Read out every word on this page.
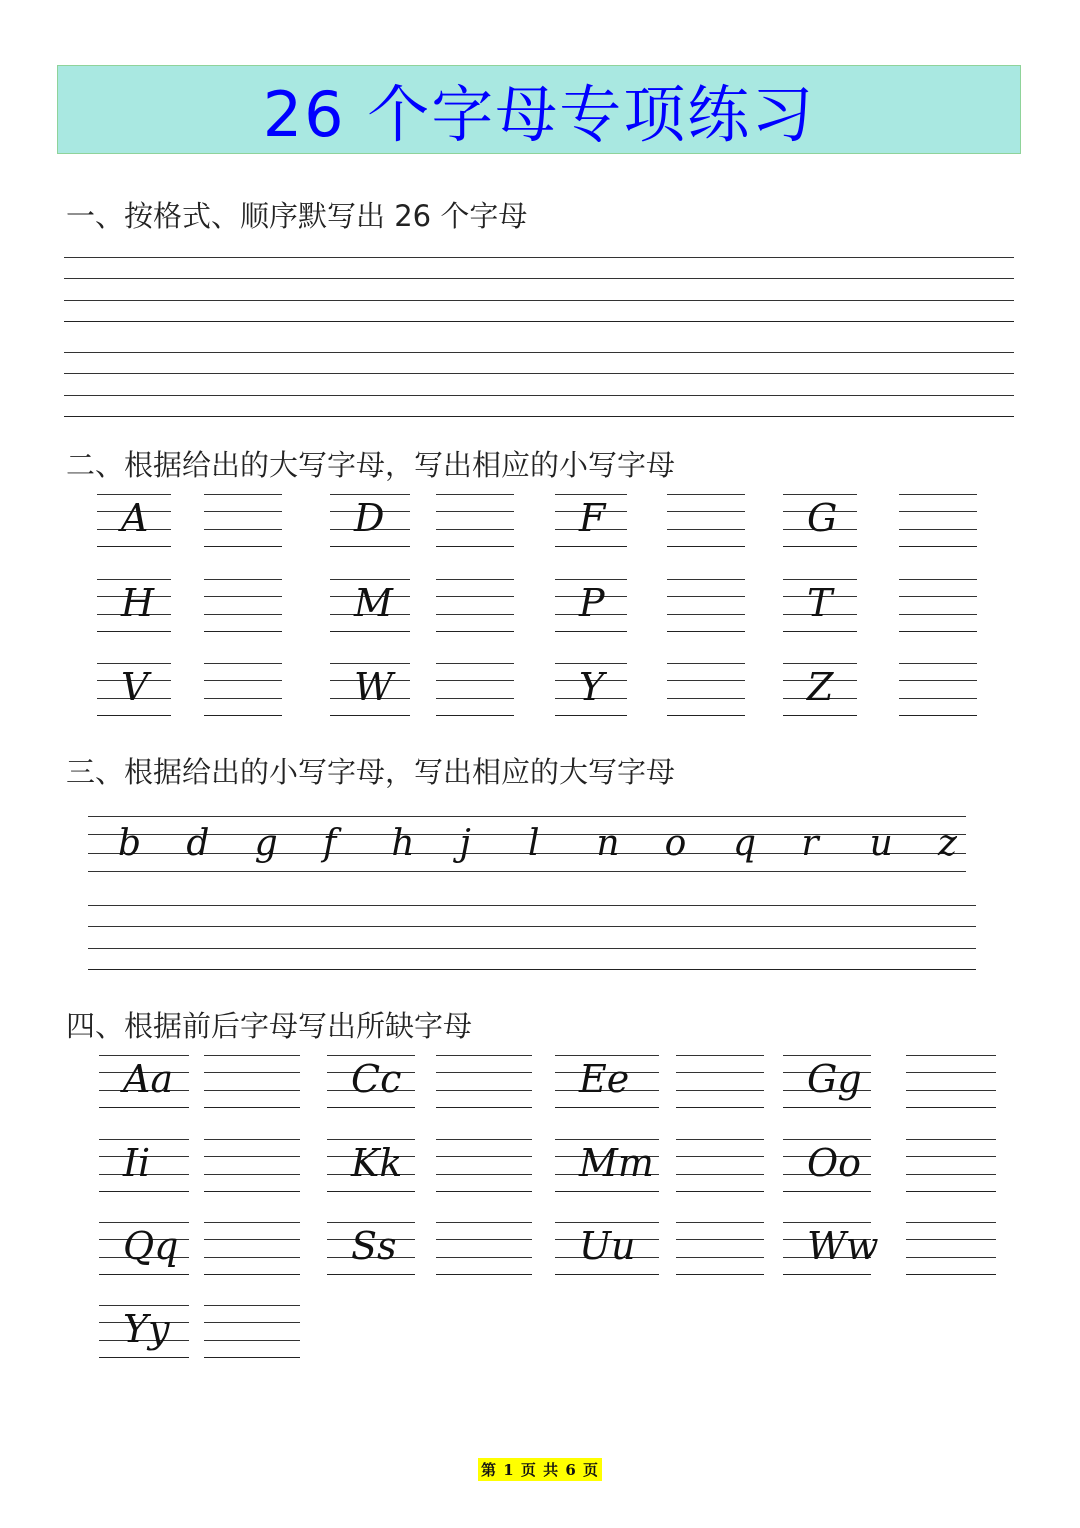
26 个字母专项练习
一、按格式、顺序默写出 26 个字母
二、根据给出的大写字母，写出相应的小写字母
A	D	F	G
H	M	P	T
V	W	Y	Z
三、根据给出的小写字母，写出相应的大写字母
b d g f h j l n o q r u z
四、根据前后字母写出所缺字母
Aa	Cc	Ee	Gg
Ii	Kk	Mm	Oo
Qq	Ss	Uu	Ww
Yy
第 1 页 共 6 页
